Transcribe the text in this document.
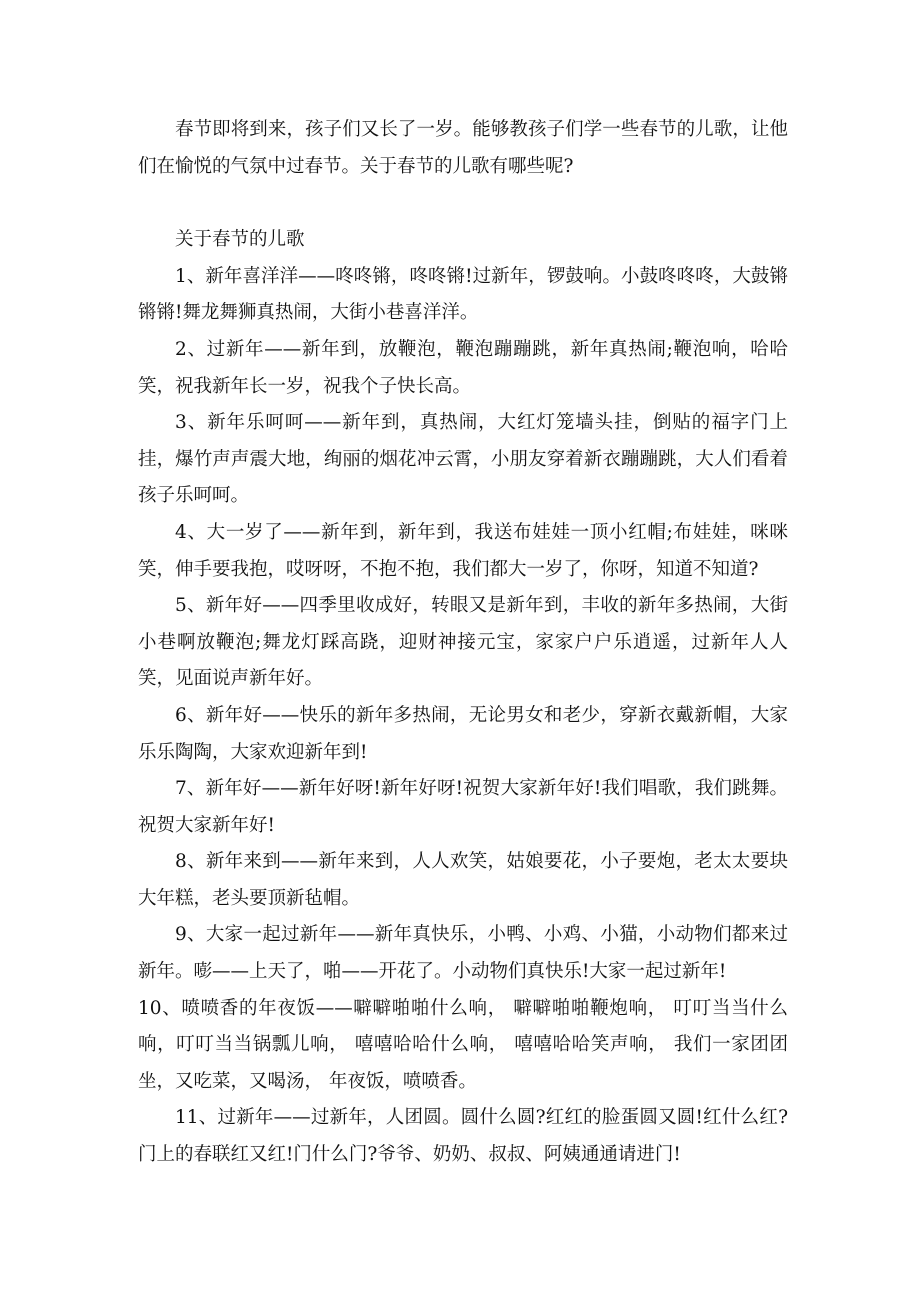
春节即将到来，孩子们又长了一岁。能够教孩子们学一些春节的儿歌，让他们在愉悦的气氛中过春节。关于春节的儿歌有哪些呢?

关于春节的儿歌

1、新年喜洋洋——咚咚锵，咚咚锵!过新年，锣鼓响。小鼓咚咚咚，大鼓锵锵锵!舞龙舞狮真热闹，大街小巷喜洋洋。

2、过新年——新年到，放鞭泡，鞭泡蹦蹦跳，新年真热闹;鞭泡响，哈哈笑，祝我新年长一岁，祝我个子快长高。

3、新年乐呵呵——新年到，真热闹，大红灯笼墙头挂，倒贴的福字门上挂，爆竹声声震大地，绚丽的烟花冲云霄，小朋友穿着新衣蹦蹦跳，大人们看着孩子乐呵呵。

4、大一岁了——新年到，新年到，我送布娃娃一顶小红帽;布娃娃，咪咪笑，伸手要我抱，哎呀呀，不抱不抱，我们都大一岁了，你呀，知道不知道?

5、新年好——四季里收成好，转眼又是新年到，丰收的新年多热闹，大街小巷啊放鞭泡;舞龙灯踩高跷，迎财神接元宝，家家户户乐逍遥，过新年人人笑，见面说声新年好。

6、新年好——快乐的新年多热闹，无论男女和老少，穿新衣戴新帽，大家乐乐陶陶，大家欢迎新年到!

7、新年好——新年好呀!新年好呀!祝贺大家新年好!我们唱歌，我们跳舞。祝贺大家新年好!

8、新年来到——新年来到，人人欢笑，姑娘要花，小子要炮，老太太要块大年糕，老头要顶新毡帽。

9、大家一起过新年——新年真快乐，小鸭、小鸡、小猫，小动物们都来过新年。嘭——上天了，啪——开花了。小动物们真快乐!大家一起过新年!

10、喷喷香的年夜饭——噼噼啪啪什么响， 噼噼啪啪鞭炮响， 叮叮当当什么响，叮叮当当锅瓢儿响， 嘻嘻哈哈什么响， 嘻嘻哈哈笑声响， 我们一家团团坐，又吃菜，又喝汤， 年夜饭，喷喷香。

11、过新年——过新年，人团圆。圆什么圆?红红的脸蛋圆又圆!红什么红?门上的春联红又红!门什么门?爷爷、奶奶、叔叔、阿姨通通请进门!
